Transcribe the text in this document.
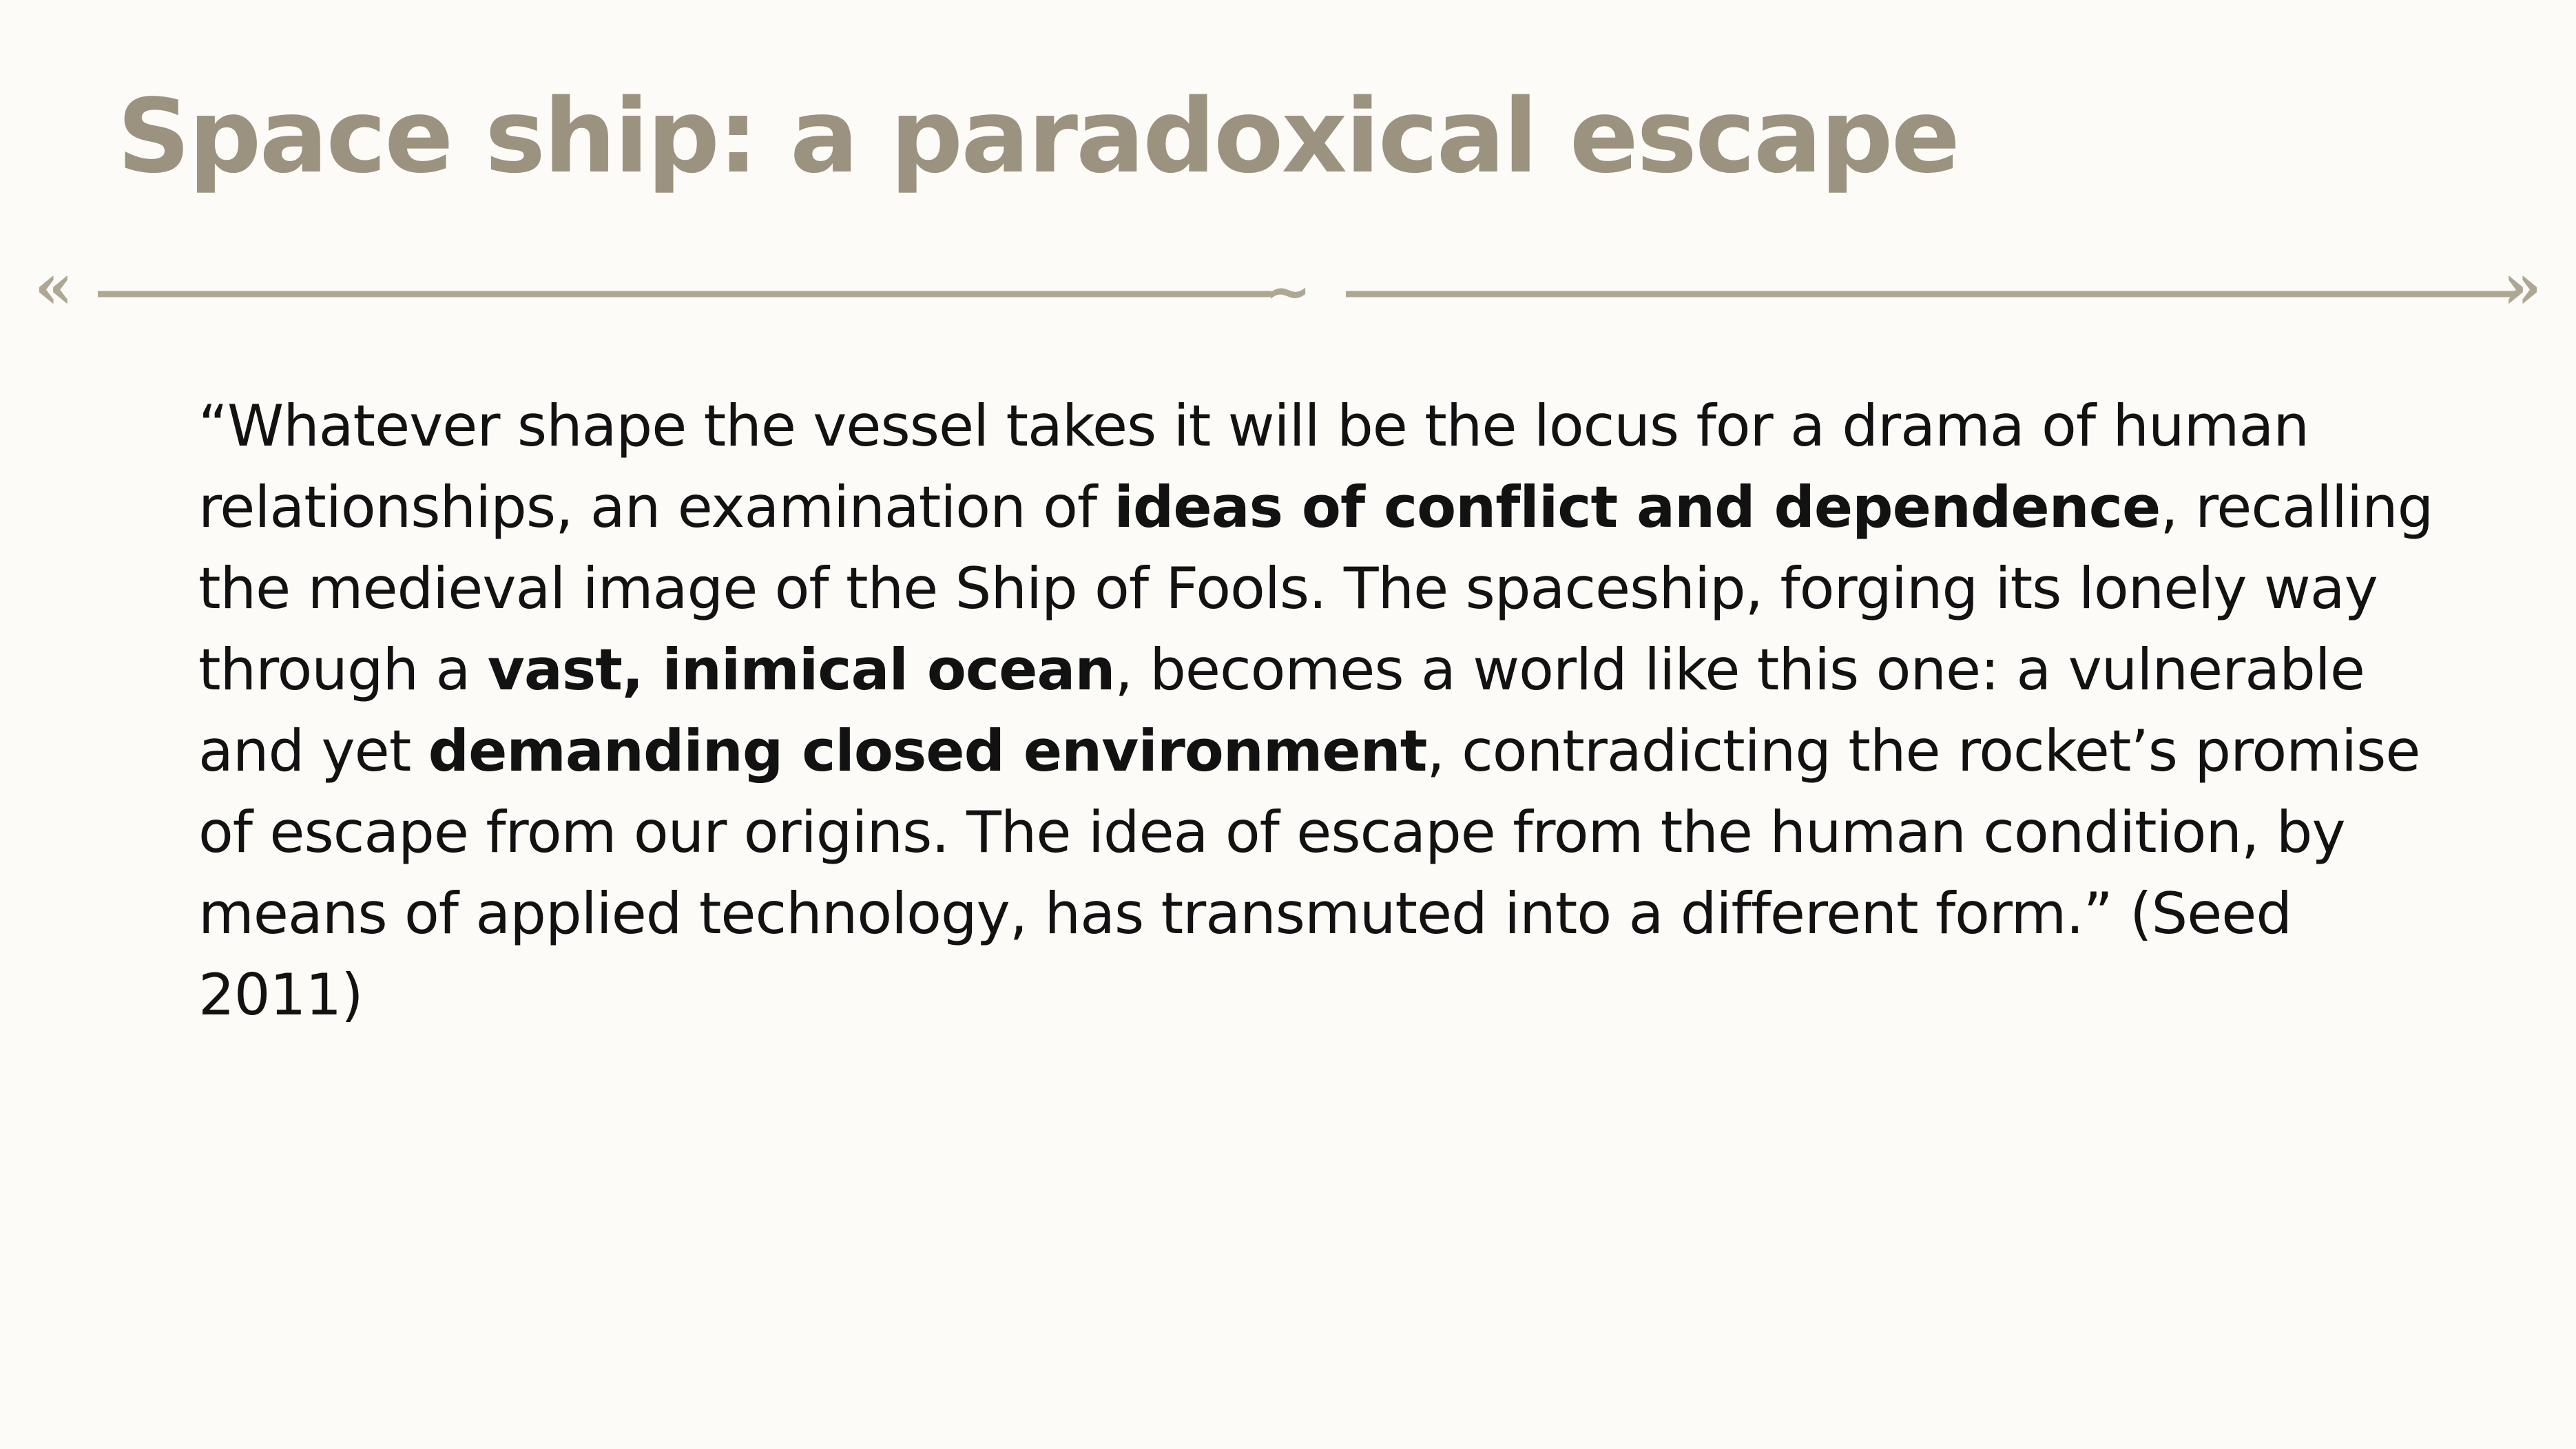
Space ship: a paradoxical escape
«	~	»

“Whatever shape the vessel takes it will be the locus for a drama of human relationships, an examination of ideas of conflict and dependence, recalling the medieval image of the Ship of Fools. The spaceship, forging its lonely way through a vast, inimical ocean, becomes a world like this one: a vulnerable and yet demanding closed environment, contradicting the rocket’s promise of escape from our origins. The idea of escape from the human condition, by means of applied technology, has transmuted into a different form.” (Seed 2011)
